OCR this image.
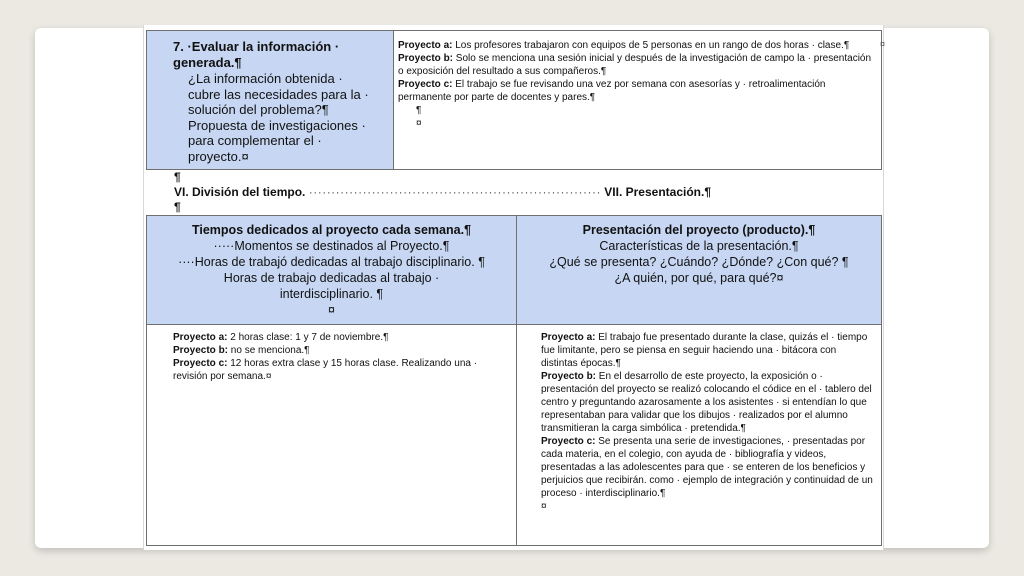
7. ·Evaluar la información · generada.¶
¿La información obtenida ·
cubre las necesidades para la ·
solución del problema?¶
Propuesta de investigaciones ·
para complementar el ·
proyecto.¤
Proyecto a: Los profesores trabajaron con equipos de 5 personas en un rango de dos horas · clase.¶
Proyecto b: Solo se menciona una sesión inicial y después de la investigación de campo la · presentación o exposición del resultado a sus compañeros.¶
Proyecto c: El trabajo se fue revisando una vez por semana con asesorías y · retroalimentación permanente por parte de docentes y pares.¶
¶
¤
¤
¶
VI. División del tiempo. ································································· VII. Presentación.¶
¶
Tiempos dedicados al proyecto cada semana.¶
·····Momentos se destinados al Proyecto.¶
····Horas de trabajó dedicadas al trabajo disciplinario. ¶
Horas de trabajo dedicadas al trabajo ·
interdisciplinario. ¶
¤
Presentación del proyecto (producto).¶
Características de la presentación.¶
¿Qué se presenta? ¿Cuándo? ¿Dónde? ¿Con qué? ¶
¿A quién, por qué, para qué?¤
Proyecto a: 2 horas clase: 1 y 7 de noviembre.¶
Proyecto b: no se menciona.¶
Proyecto c: 12 horas extra clase y 15 horas clase. Realizando una · revisión por semana.¤
Proyecto a: El trabajo fue presentado durante la clase, quizás el · tiempo fue limitante, pero se piensa en seguir haciendo una · bitácora con distintas épocas.¶
Proyecto b: En el desarrollo de este proyecto, la exposición o · presentación del proyecto se realizó colocando el códice en el · tablero del centro y preguntando azarosamente a los asistentes · si entendían lo que representaban para validar que los dibujos · realizados por el alumno transmitieran la carga simbólica · pretendida.¶
Proyecto c: Se presenta una serie de investigaciones, · presentadas por cada materia, en el colegio, con ayuda de · bibliografía y videos, presentadas a las adolescentes para que · se enteren de los beneficios y perjuicios que recibirán. como · ejemplo de integración y continuidad de un proceso · interdisciplinario.¶
¤
